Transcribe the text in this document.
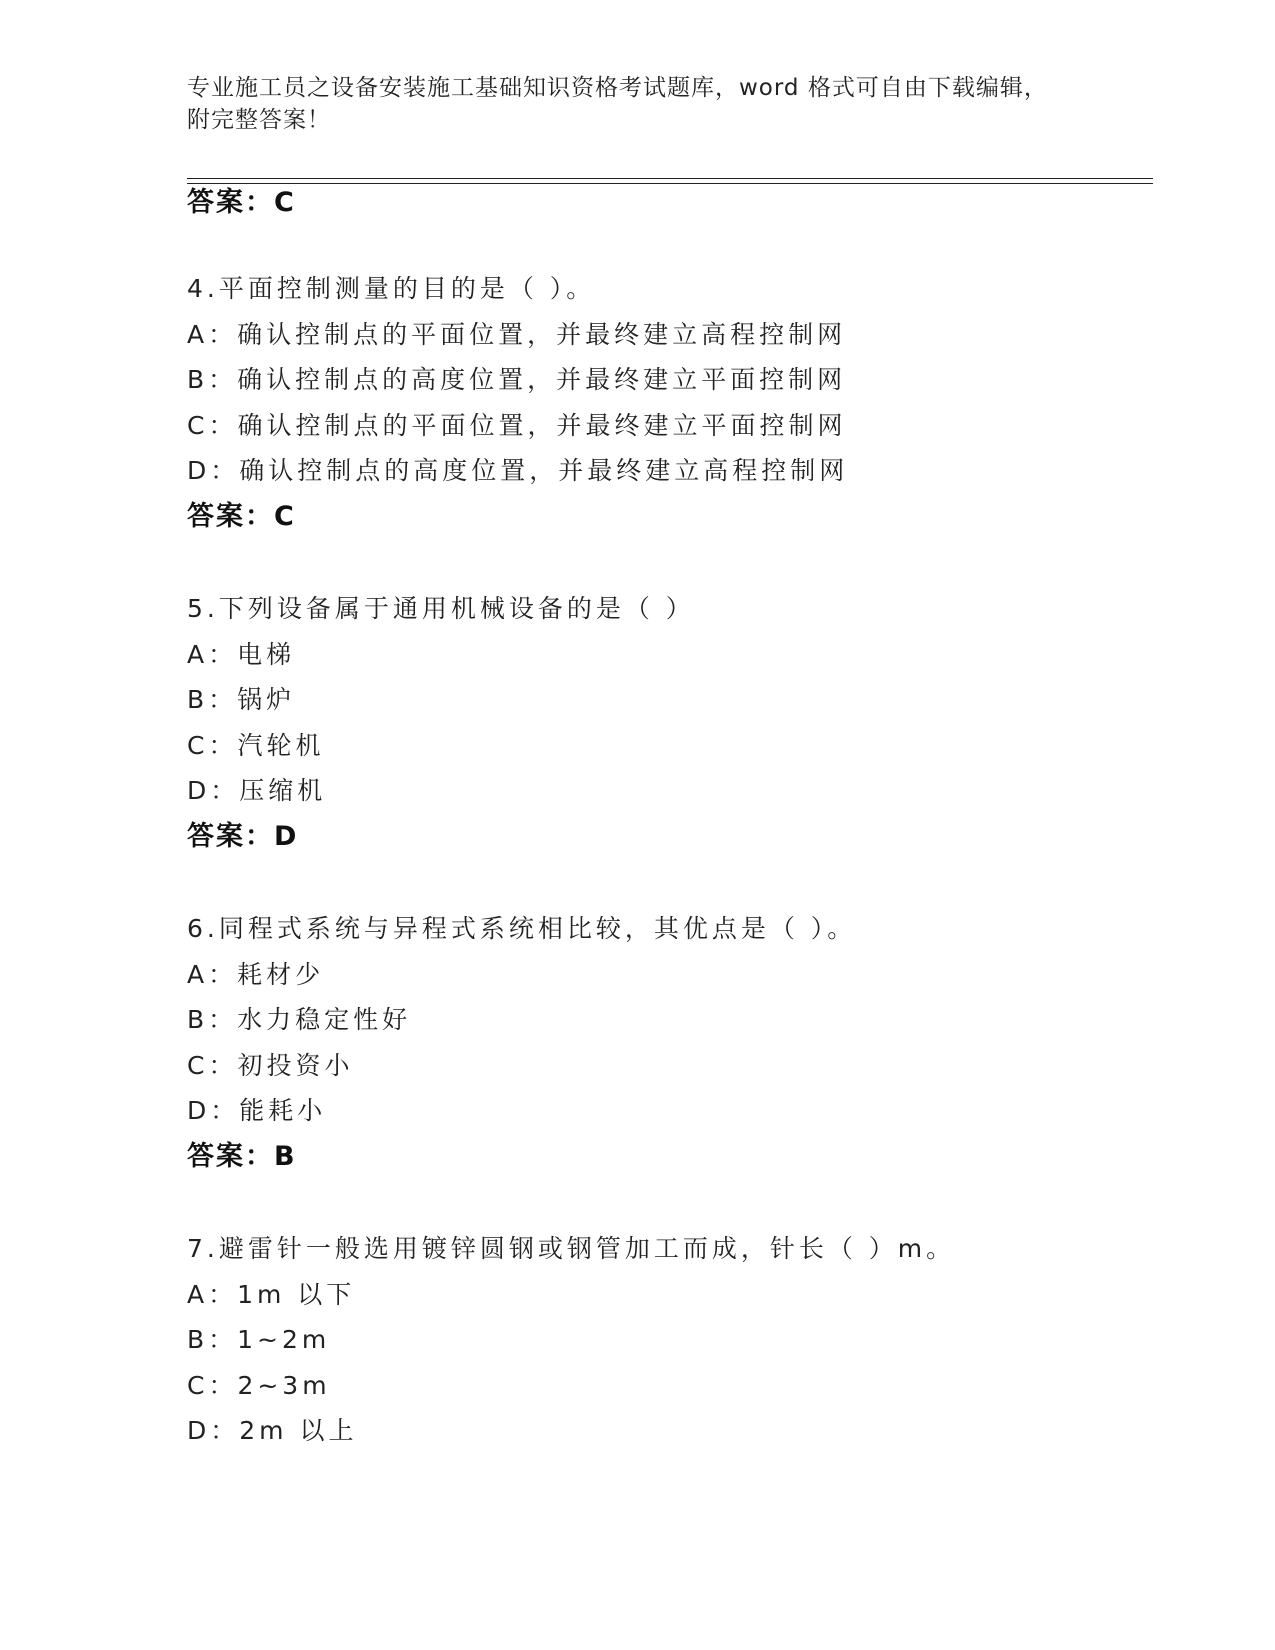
专业施工员之设备安装施工基础知识资格考试题库，word 格式可自由下载编辑，
附完整答案！
答案：C
4.平面控制测量的目的是（ ）。
A：确认控制点的平面位置，并最终建立高程控制网
B：确认控制点的高度位置，并最终建立平面控制网
C：确认控制点的平面位置，并最终建立平面控制网
D：确认控制点的高度位置，并最终建立高程控制网
答案：C
5.下列设备属于通用机械设备的是（ ）
A：电梯
B：锅炉
C：汽轮机
D：压缩机
答案：D
6.同程式系统与异程式系统相比较，其优点是（ ）。
A：耗材少
B：水力稳定性好
C：初投资小
D：能耗小
答案：B
7.避雷针一般选用镀锌圆钢或钢管加工而成，针长（ ）m。
A：1m 以下
B：1~2m
C：2~3m
D：2m 以上
